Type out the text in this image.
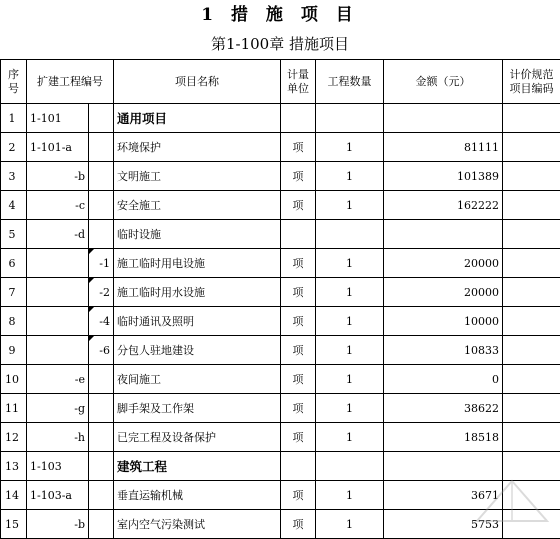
1 措 施 项 目
第1-100章 措施项目
序号	扩建工程编号		项目名称	计量单位	工程数量	金额（元）	计价规范项目编码
1	1-101		通用项目				
2	1-101-a		环境保护	项	1	81111	
3	-b		文明施工	项	1	101389	
4	-c		安全施工	项	1	162222	
5	-d		临时设施				
6		-1	施工临时用电设施	项	1	20000	
7		-2	施工临时用水设施	项	1	20000	
8		-4	临时通讯及照明	项	1	10000	
9		-6	分包人驻地建设	项	1	10833	
10	-e		夜间施工	项	1	0	
11	-g		脚手架及工作架	项	1	38622	
12	-h		已完工程及设备保护	项	1	18518	
13	1-103		建筑工程				
14	1-103-a		垂直运输机械	项	1	3671	
15	-b		室内空气污染测试	项	1	5753	
